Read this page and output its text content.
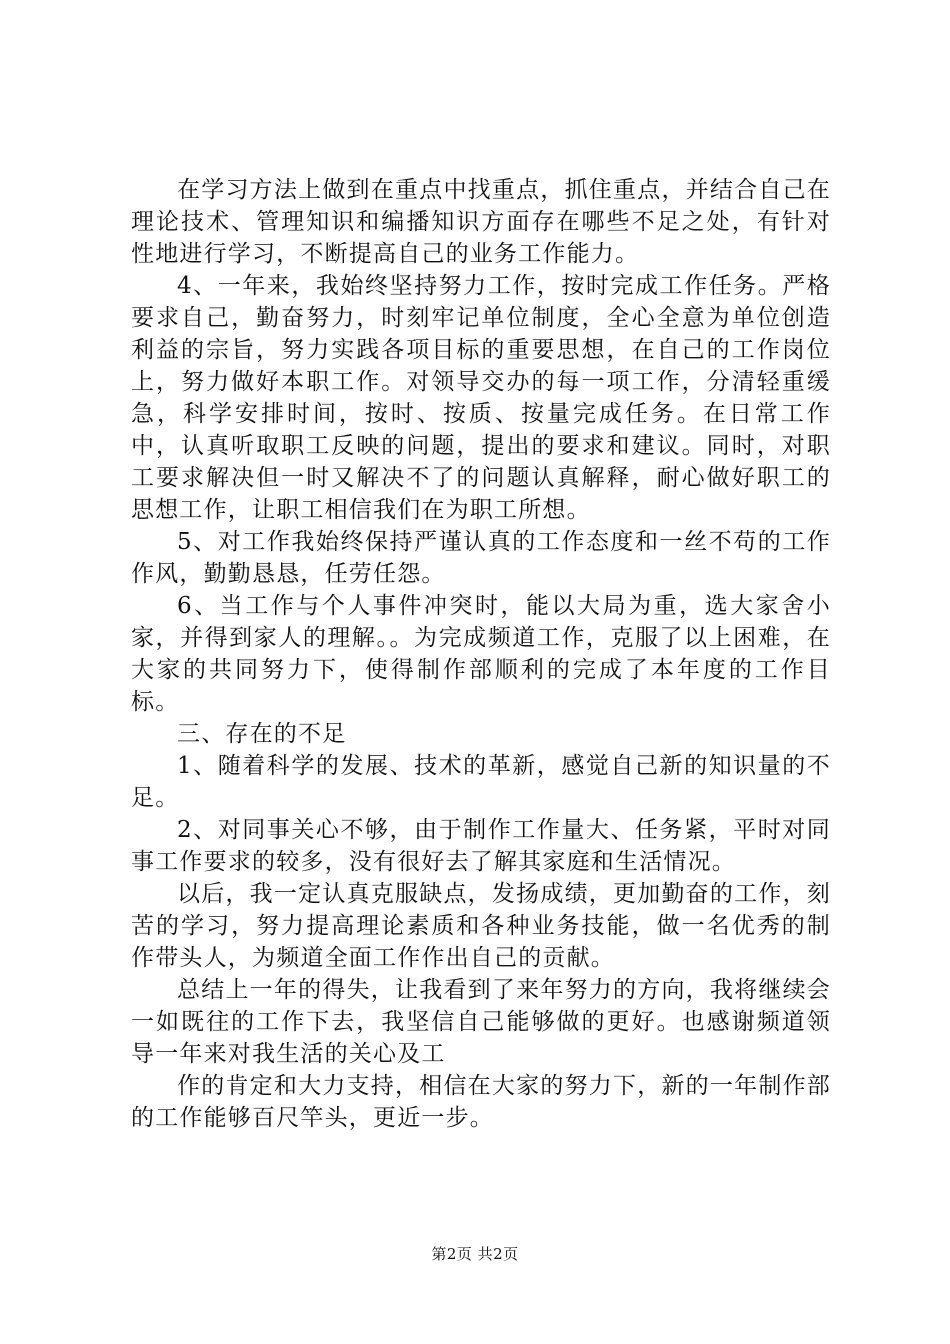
在学习方法上做到在重点中找重点，抓住重点，并结合自己在理论技术、管理知识和编播知识方面存在哪些不足之处，有针对性地进行学习，不断提高自己的业务工作能力。

4、一年来，我始终坚持努力工作，按时完成工作任务。严格要求自己，勤奋努力，时刻牢记单位制度，全心全意为单位创造利益的宗旨，努力实践各项目标的重要思想，在自己的工作岗位上，努力做好本职工作。对领导交办的每一项工作，分清轻重缓急，科学安排时间，按时、按质、按量完成任务。在日常工作中，认真听取职工反映的问题，提出的要求和建议。同时，对职工要求解决但一时又解决不了的问题认真解释，耐心做好职工的思想工作，让职工相信我们在为职工所想。

5、对工作我始终保持严谨认真的工作态度和一丝不苟的工作作风，勤勤恳恳，任劳任怨。

6、当工作与个人事件冲突时，能以大局为重，选大家舍小家，并得到家人的理解。。为完成频道工作，克服了以上困难，在大家的共同努力下，使得制作部顺利的完成了本年度的工作目标。

三、存在的不足

1、随着科学的发展、技术的革新，感觉自己新的知识量的不足。

2、对同事关心不够，由于制作工作量大、任务紧，平时对同事工作要求的较多，没有很好去了解其家庭和生活情况。

以后，我一定认真克服缺点，发扬成绩，更加勤奋的工作，刻苦的学习，努力提高理论素质和各种业务技能，做一名优秀的制作带头人，为频道全面工作作出自己的贡献。

总结上一年的得失，让我看到了来年努力的方向，我将继续会一如既往的工作下去，我坚信自己能够做的更好。也感谢频道领导一年来对我生活的关心及工

作的肯定和大力支持，相信在大家的努力下，新的一年制作部的工作能够百尺竿头，更近一步。

第2页 共2页
